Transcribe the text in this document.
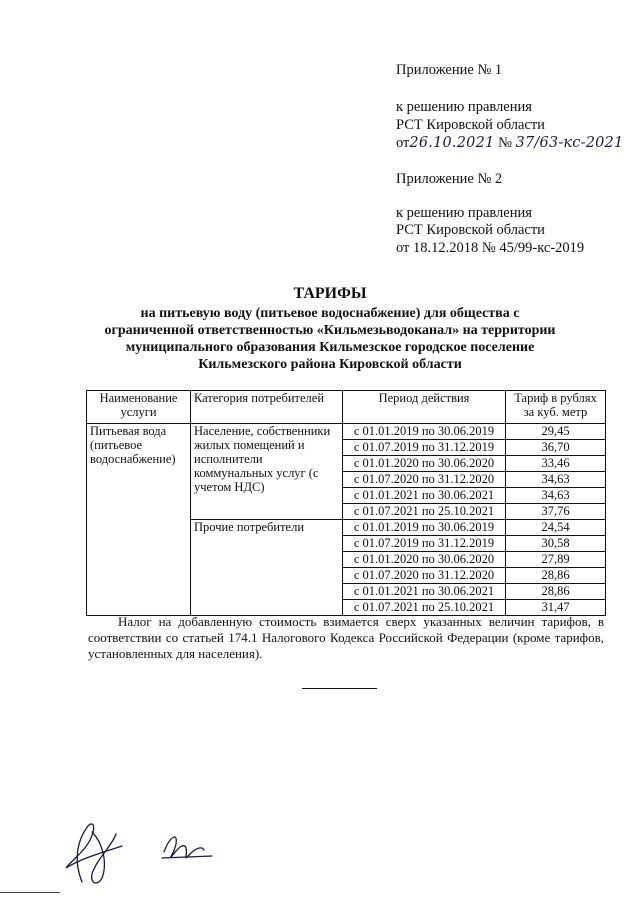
Приложение № 1
к решению правления
РСТ Кировской области
от26.10.2021 № 37/63-кс-2021
Приложение № 2
к решению правления
РСТ Кировской области
от 18.12.2018 № 45/99-кс-2019
ТАРИФЫ
на питьевую воду (питьевое водоснабжение) для общества с
ограниченной ответственностью «Кильмезьводоканал» на территории
муниципального образования Кильмезское городское поселение
Кильмезского района Кировской области
Наименование услуги	Категория потребителей	Период действия	Тариф в рублях за куб. метр
Питьевая вода (питьевое водоснабжение)	Население, собственники жилых помещений и исполнители коммунальных услуг (с учетом НДС)	с 01.01.2019 по 30.06.2019	29,45
		с 01.07.2019 по 31.12.2019	36,70
		с 01.01.2020 по 30.06.2020	33,46
		с 01.07.2020 по 31.12.2020	34,63
		с 01.01.2021 по 30.06.2021	34,63
		с 01.07.2021 по 25.10.2021	37,76
	Прочие потребители	с 01.01.2019 по 30.06.2019	24,54
		с 01.07.2019 по 31.12.2019	30,58
		с 01.01.2020 по 30.06.2020	27,89
		с 01.07.2020 по 31.12.2020	28,86
		с 01.01.2021 по 30.06.2021	28,86
		с 01.07.2021 по 25.10.2021	31,47
Налог на добавленную стоимость взимается сверх указанных величин тарифов, в соответствии со статьей 174.1 Налогового Кодекса Российской Федерации (кроме тарифов, установленных для населения).
